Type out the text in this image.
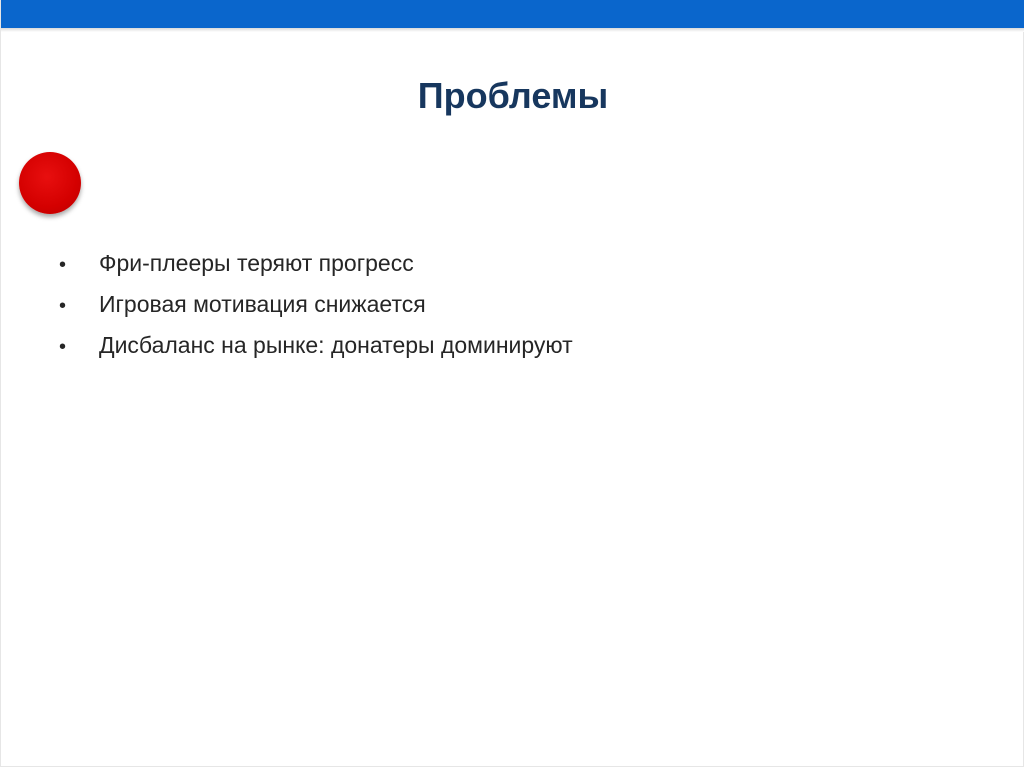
Проблемы
• Фри-плееры теряют прогресс
• Игровая мотивация снижается
• Дисбаланс на рынке: донатеры доминируют
